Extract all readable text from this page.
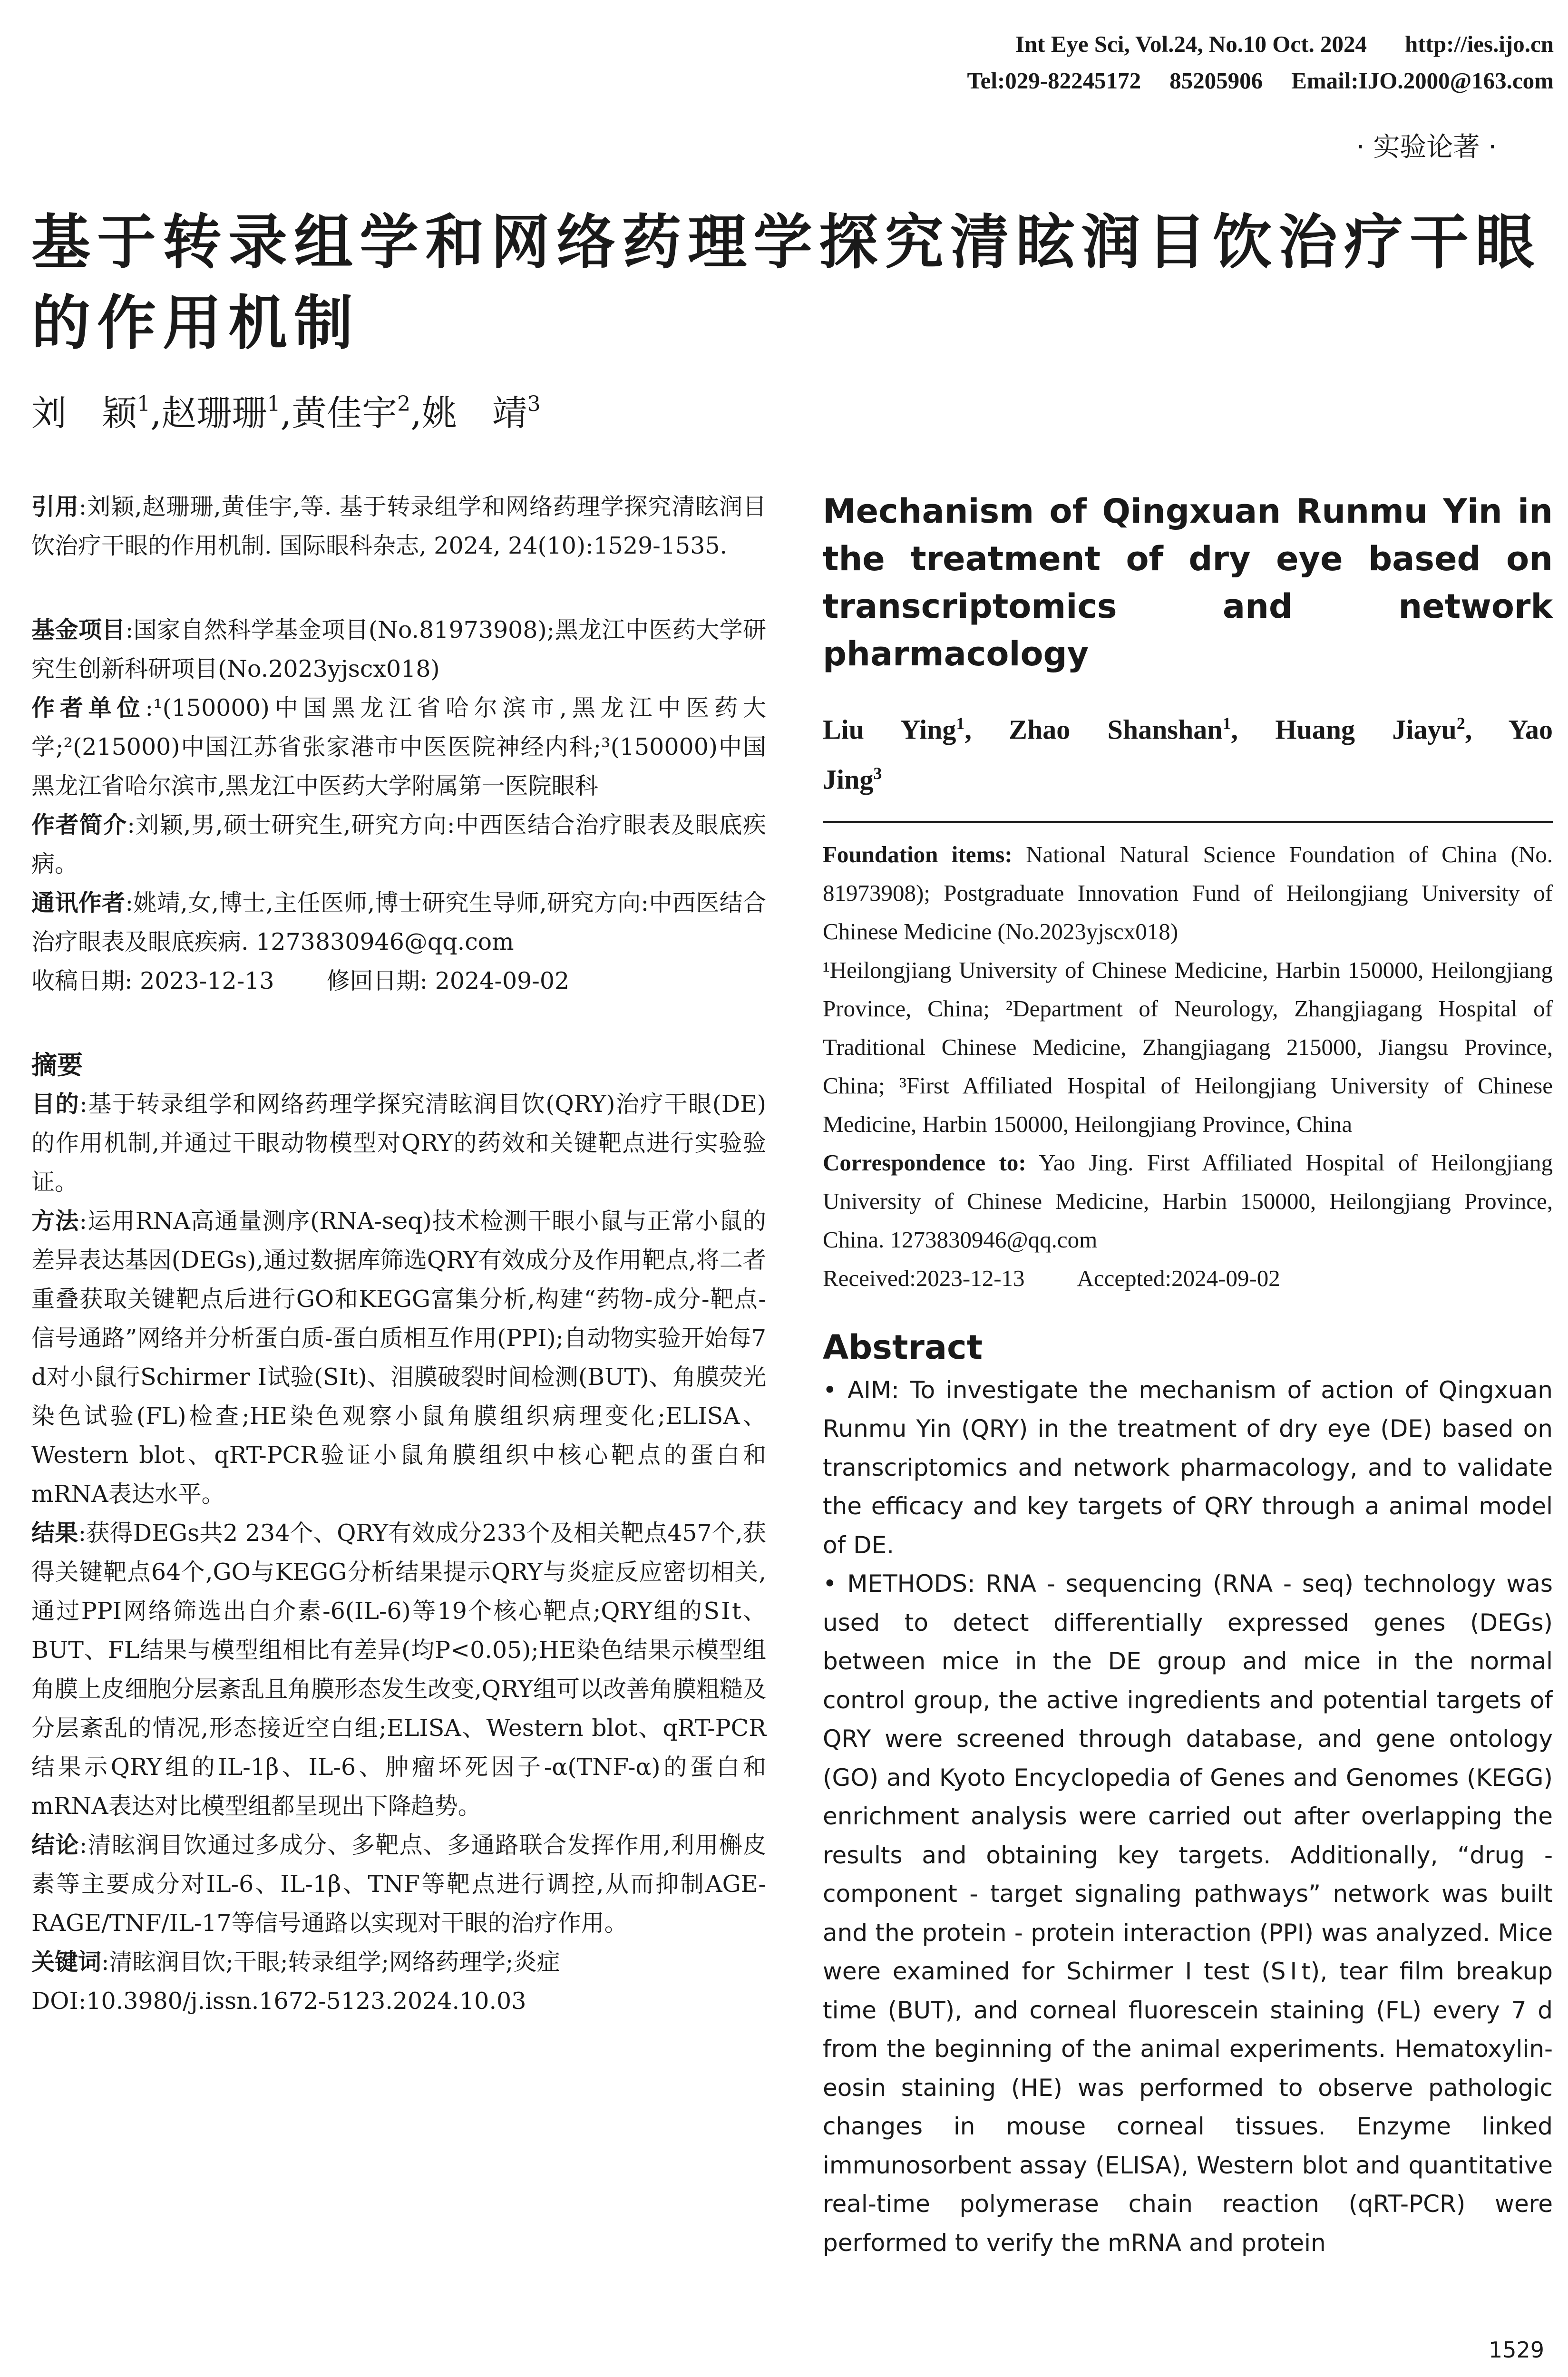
Int Eye Sci, Vol.24, No.10 Oct. 2024 http://ies.ijo.cn
Tel:029-82245172 85205906 Email:IJO.2000@163.com
· 实验论著 ·
基于转录组学和网络药理学探究清眩润目饮治疗干眼的作用机制
刘　颖$^1$,赵珊珊$^1$,黄佳宇$^2$,姚　靖$^3$

引用:刘颖,赵珊珊,黄佳宇,等. 基于转录组学和网络药理学探究清眩润目饮治疗干眼的作用机制. 国际眼科杂志, 2024, 24(10):1529-1535.

基金项目:国家自然科学基金项目(No.81973908);黑龙江中医药大学研究生创新科研项目(No.2023yjscx018)

作者单位:¹(150000)中国黑龙江省哈尔滨市,黑龙江中医药大学;²(215000)中国江苏省张家港市中医医院神经内科;³(150000)中国黑龙江省哈尔滨市,黑龙江中医药大学附属第一医院眼科

作者简介:刘颖,男,硕士研究生,研究方向:中西医结合治疗眼表及眼底疾病。

通讯作者:姚靖,女,博士,主任医师,博士研究生导师,研究方向:中西医结合治疗眼表及眼底疾病. 1273830946@qq.com

收稿日期: 2023-12-13 修回日期: 2024-09-02

摘要

目的:基于转录组学和网络药理学探究清眩润目饮(QRY)治疗干眼(DE)的作用机制,并通过干眼动物模型对QRY的药效和关键靶点进行实验验证。

方法:运用RNA高通量测序(RNA-seq)技术检测干眼小鼠与正常小鼠的差异表达基因(DEGs),通过数据库筛选QRY有效成分及作用靶点,将二者重叠获取关键靶点后进行GO和KEGG富集分析,构建“药物-成分-靶点-信号通路”网络并分析蛋白质-蛋白质相互作用(PPI);自动物实验开始每7 d对小鼠行Schirmer Ⅰ试验(SⅠt)、泪膜破裂时间检测(BUT)、角膜荧光染色试验(FL)检查;HE染色观察小鼠角膜组织病理变化;ELISA、Western blot、qRT-PCR验证小鼠角膜组织中核心靶点的蛋白和mRNA表达水平。

结果:获得DEGs共2 234个、QRY有效成分233个及相关靶点457个,获得关键靶点64个,GO与KEGG分析结果提示QRY与炎症反应密切相关,通过PPI网络筛选出白介素-6(IL-6)等19个核心靶点;QRY组的SⅠt、BUT、FL结果与模型组相比有差异(均P<0.05);HE染色结果示模型组角膜上皮细胞分层紊乱且角膜形态发生改变,QRY组可以改善角膜粗糙及分层紊乱的情况,形态接近空白组;ELISA、Western blot、qRT-PCR结果示QRY组的IL-1β、IL-6、肿瘤坏死因子-α(TNF-α)的蛋白和mRNA表达对比模型组都呈现出下降趋势。

结论:清眩润目饮通过多成分、多靶点、多通路联合发挥作用,利用槲皮素等主要成分对IL-6、IL-1β、TNF等靶点进行调控,从而抑制AGE-RAGE/TNF/IL-17等信号通路以实现对干眼的治疗作用。

关键词:清眩润目饮;干眼;转录组学;网络药理学;炎症

DOI:10.3980/j.issn.1672-5123.2024.10.03

Mechanism of Qingxuan Runmu Yin in the treatment of dry eye based on transcriptomics and network pharmacology
Liu Ying$^1$, Zhao Shanshan$^1$, Huang Jiayu$^2$, Yao Jing$^3$

Foundation items: National Natural Science Foundation of China (No. 81973908); Postgraduate Innovation Fund of Heilongjiang University of Chinese Medicine (No.2023yjscx018)

¹Heilongjiang University of Chinese Medicine, Harbin 150000, Heilongjiang Province, China; ²Department of Neurology, Zhangjiagang Hospital of Traditional Chinese Medicine, Zhangjiagang 215000, Jiangsu Province, China; ³First Affiliated Hospital of Heilongjiang University of Chinese Medicine, Harbin 150000, Heilongjiang Province, China

Correspondence to: Yao Jing. First Affiliated Hospital of Heilongjiang University of Chinese Medicine, Harbin 150000, Heilongjiang Province, China. 1273830946@qq.com

Received:2023-12-13 Accepted:2024-09-02

Abstract

• AIM: To investigate the mechanism of action of Qingxuan Runmu Yin (QRY) in the treatment of dry eye (DE) based on transcriptomics and network pharmacology, and to validate the efficacy and key targets of QRY through a animal model of DE.

• METHODS: RNA - sequencing (RNA - seq) technology was used to detect differentially expressed genes (DEGs) between mice in the DE group and mice in the normal control group, the active ingredients and potential targets of QRY were screened through database, and gene ontology (GO) and Kyoto Encyclopedia of Genes and Genomes (KEGG) enrichment analysis were carried out after overlapping the results and obtaining key targets. Additionally, “drug - component - target signaling pathways” network was built and the protein - protein interaction (PPI) was analyzed. Mice were examined for Schirmer I test (SⅠt), tear film breakup time (BUT), and corneal fluorescein staining (FL) every 7 d from the beginning of the animal experiments. Hematoxylin-eosin staining (HE) was performed to observe pathologic changes in mouse corneal tissues. Enzyme linked immunosorbent assay (ELISA), Western blot and quantitative real-time polymerase chain reaction (qRT-PCR) were performed to verify the mRNA and protein

1529
